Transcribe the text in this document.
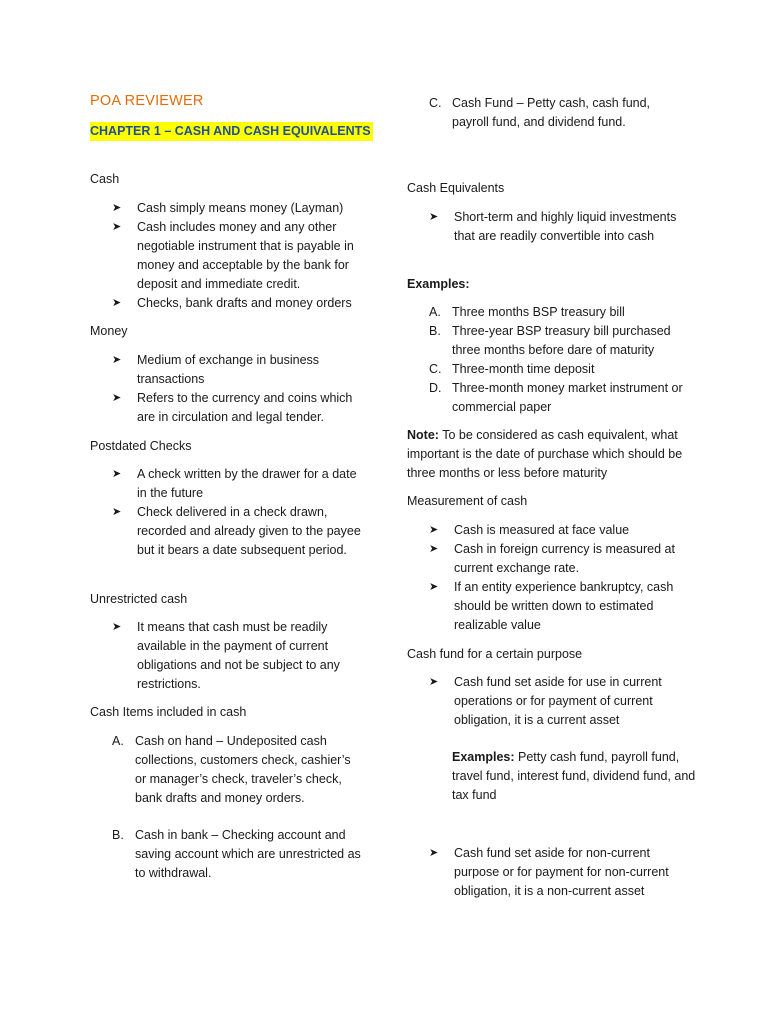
POA REVIEWER
CHAPTER 1 – CASH AND CASH EQUIVALENTS
Cash
➤ Cash simply means money (Layman)
➤ Cash includes money and any other negotiable instrument that is payable in money and acceptable by the bank for deposit and immediate credit.
➤ Checks, bank drafts and money orders
Money
➤ Medium of exchange in business transactions
➤ Refers to the currency and coins which are in circulation and legal tender.
Postdated Checks
➤ A check written by the drawer for a date in the future
➤ Check delivered in a check drawn, recorded and already given to the payee but it bears a date subsequent period.
Unrestricted cash
➤ It means that cash must be readily available in the payment of current obligations and not be subject to any restrictions.
Cash Items included in cash
A. Cash on hand – Undeposited cash collections, customers check, cashier’s or manager’s check, traveler’s check, bank drafts and money orders.
B. Cash in bank – Checking account and saving account which are unrestricted as to withdrawal.
C. Cash Fund – Petty cash, cash fund, payroll fund, and dividend fund.
Cash Equivalents
➤ Short-term and highly liquid investments that are readily convertible into cash
Examples:
A. Three months BSP treasury bill
B. Three-year BSP treasury bill purchased three months before dare of maturity
C. Three-month time deposit
D. Three-month money market instrument or commercial paper
Note: To be considered as cash equivalent, what important is the date of purchase which should be three months or less before maturity
Measurement of cash
➤ Cash is measured at face value
➤ Cash in foreign currency is measured at current exchange rate.
➤ If an entity experience bankruptcy, cash should be written down to estimated realizable value
Cash fund for a certain purpose
➤ Cash fund set aside for use in current operations or for payment of current obligation, it is a current asset
Examples: Petty cash fund, payroll fund, travel fund, interest fund, dividend fund, and tax fund
➤ Cash fund set aside for non-current purpose or for payment for non-current obligation, it is a non-current asset
